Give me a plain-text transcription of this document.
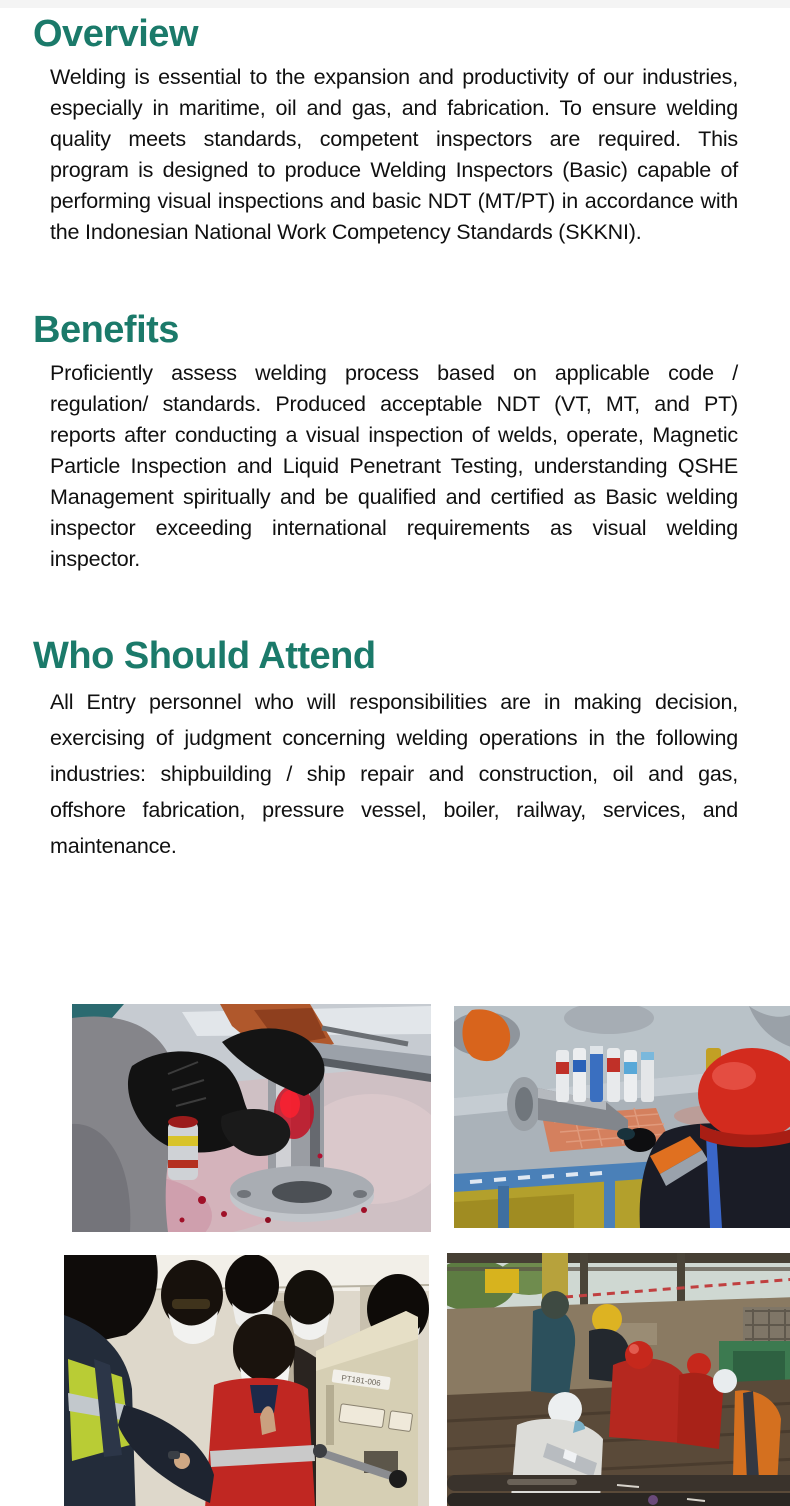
Overview

Welding is essential to the expansion and productivity of our industries, especially in maritime, oil and gas, and fabrication. To ensure welding quality meets standards, competent inspectors are required. This program is designed to produce Welding Inspectors (Basic) capable of performing visual inspections and basic NDT (MT/PT) in accordance with the Indonesian National Work Competency Standards (SKKNI).

Benefits

Proficiently assess welding process based on applicable code / regulation/ standards. Produced acceptable NDT (VT, MT, and PT) reports after conducting a visual inspection of welds, operate, Magnetic Particle Inspection and Liquid Penetrant Testing, understanding QSHE Management spiritually and be qualified and certified as Basic welding inspector exceeding international requirements as visual welding inspector.

Who Should Attend

All Entry personnel who will responsibilities are in making decision, exercising of judgment concerning welding operations in the following industries: shipbuilding / ship repair and construction, oil and gas, offshore fabrication, pressure vessel, boiler, railway, services, and maintenance.

PT181-006
